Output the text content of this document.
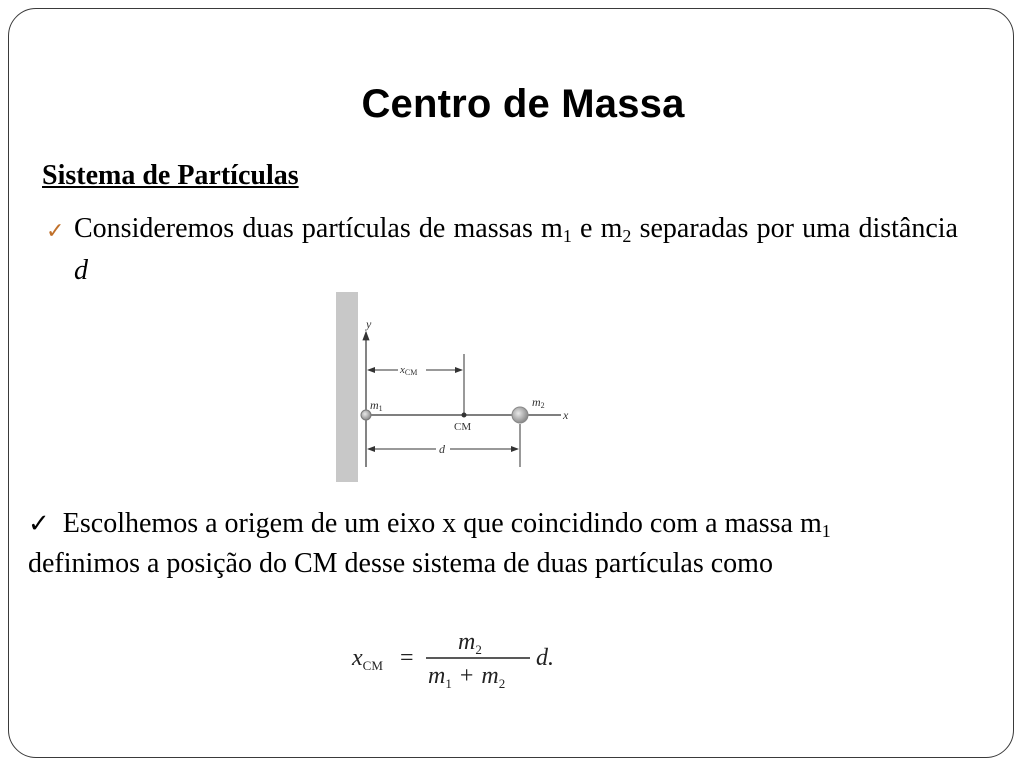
Centro de Massa
Sistema de Partículas
✓ Consideremos duas partículas de massas $m_1$ e $m_2$ separadas por uma distância d
y
x
xCM
m1
CM
m2
d
✓ Escolhemos a origem de um eixo x que coincidindo com a massa $m_1$
definimos a posição do CM desse sistema de duas partículas como
$x_{CM}$ =
$m_2$
$m_1 + m_2$
d.
